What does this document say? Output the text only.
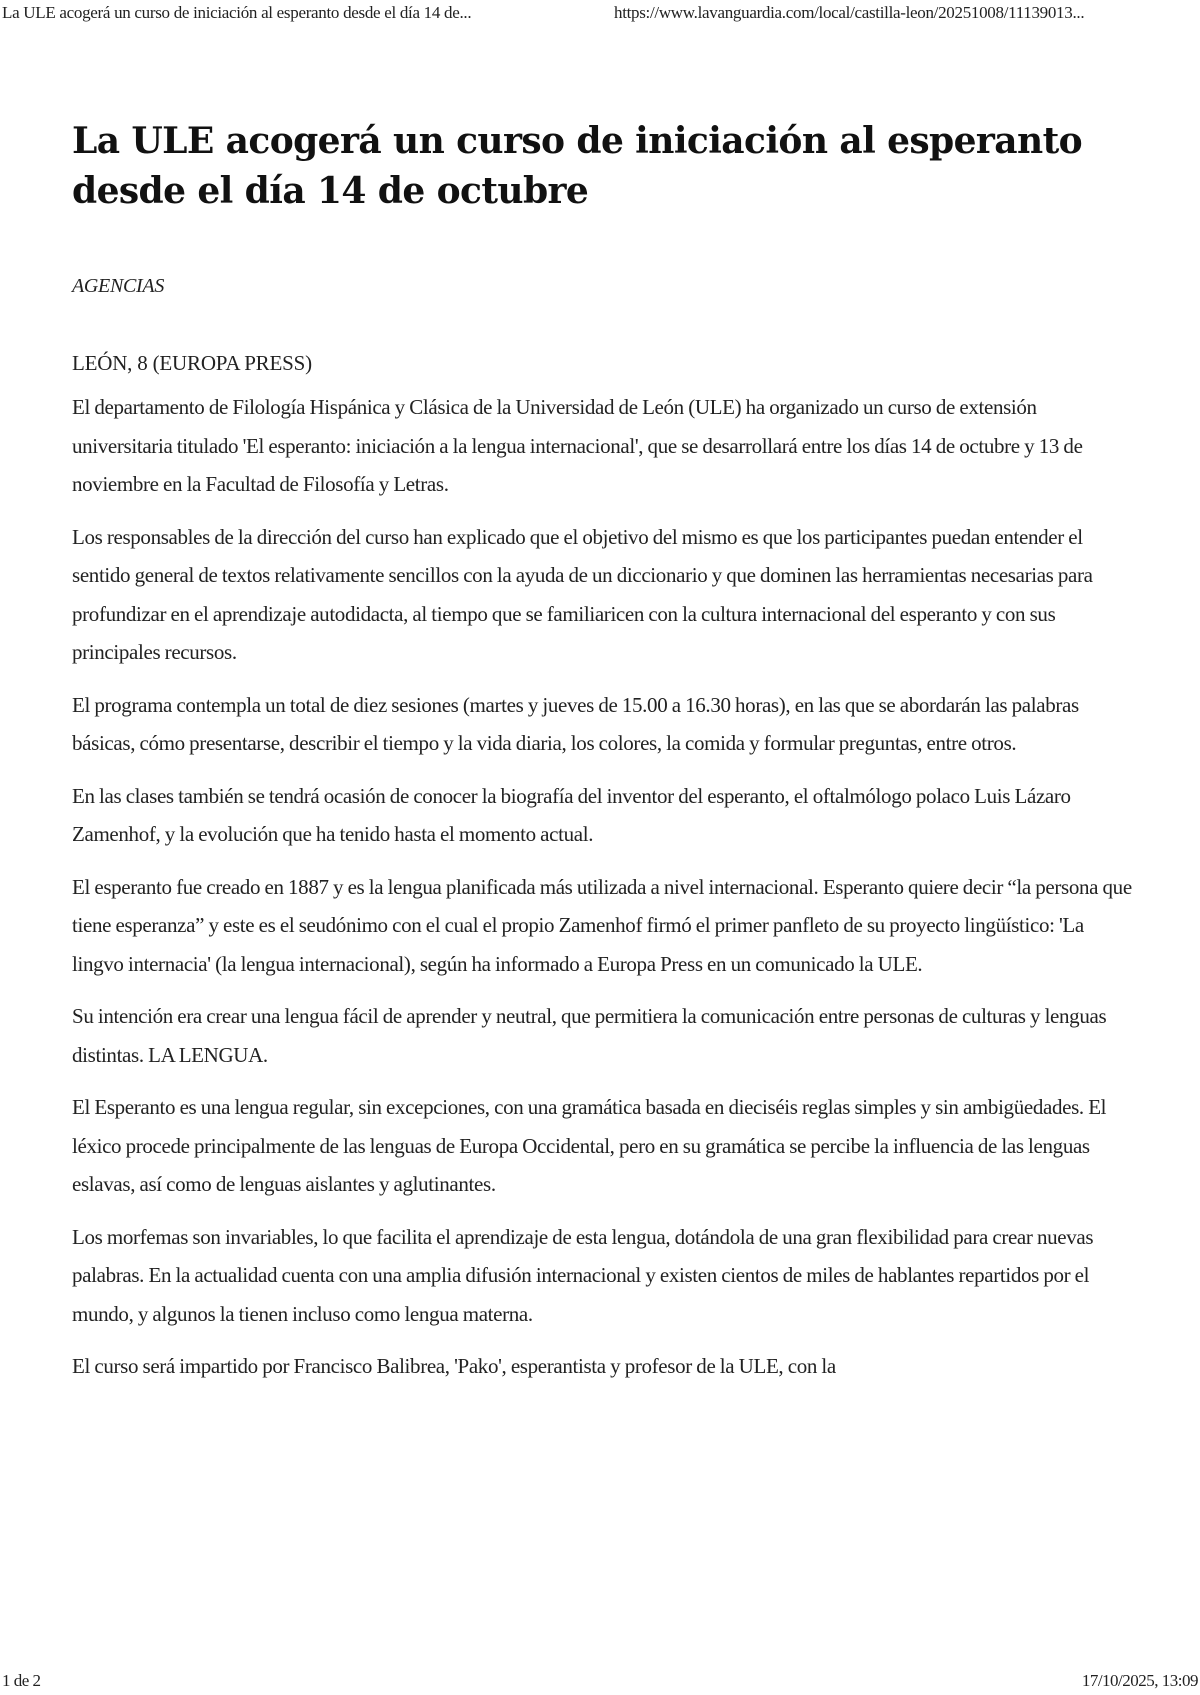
La ULE acogerá un curso de iniciación al esperanto desde el día 14 de...	https://www.lavanguardia.com/local/castilla-leon/20251008/11139013...
La ULE acogerá un curso de iniciación al esperanto desde el día 14 de octubre

AGENCIAS

LEÓN, 8 (EUROPA PRESS)

El departamento de Filología Hispánica y Clásica de la Universidad de León (ULE) ha organizado un curso de extensión universitaria titulado 'El esperanto: iniciación a la lengua internacional', que se desarrollará entre los días 14 de octubre y 13 de noviembre en la Facultad de Filosofía y Letras.

Los responsables de la dirección del curso han explicado que el objetivo del mismo es que los participantes puedan entender el sentido general de textos relativamente sencillos con la ayuda de un diccionario y que dominen las herramientas necesarias para profundizar en el aprendizaje autodidacta, al tiempo que se familiaricen con la cultura internacional del esperanto y con sus principales recursos.

El programa contempla un total de diez sesiones (martes y jueves de 15.00 a 16.30 horas), en las que se abordarán las palabras básicas, cómo presentarse, describir el tiempo y la vida diaria, los colores, la comida y formular preguntas, entre otros.

En las clases también se tendrá ocasión de conocer la biografía del inventor del esperanto, el oftalmólogo polaco Luis Lázaro Zamenhof, y la evolución que ha tenido hasta el momento actual.

El esperanto fue creado en 1887 y es la lengua planificada más utilizada a nivel internacional. Esperanto quiere decir “la persona que tiene esperanza” y este es el seudónimo con el cual el propio Zamenhof firmó el primer panfleto de su proyecto lingüístico: 'La lingvo internacia' (la lengua internacional), según ha informado a Europa Press en un comunicado la ULE.

Su intención era crear una lengua fácil de aprender y neutral, que permitiera la comunicación entre personas de culturas y lenguas distintas. LA LENGUA.

El Esperanto es una lengua regular, sin excepciones, con una gramática basada en dieciséis reglas simples y sin ambigüedades. El léxico procede principalmente de las lenguas de Europa Occidental, pero en su gramática se percibe la influencia de las lenguas eslavas, así como de lenguas aislantes y aglutinantes.

Los morfemas son invariables, lo que facilita el aprendizaje de esta lengua, dotándola de una gran flexibilidad para crear nuevas palabras. En la actualidad cuenta con una amplia difusión internacional y existen cientos de miles de hablantes repartidos por el mundo, y algunos la tienen incluso como lengua materna.

El curso será impartido por Francisco Balibrea, 'Pako', esperantista y profesor de la ULE, con la

1 de 2	17/10/2025, 13:09
